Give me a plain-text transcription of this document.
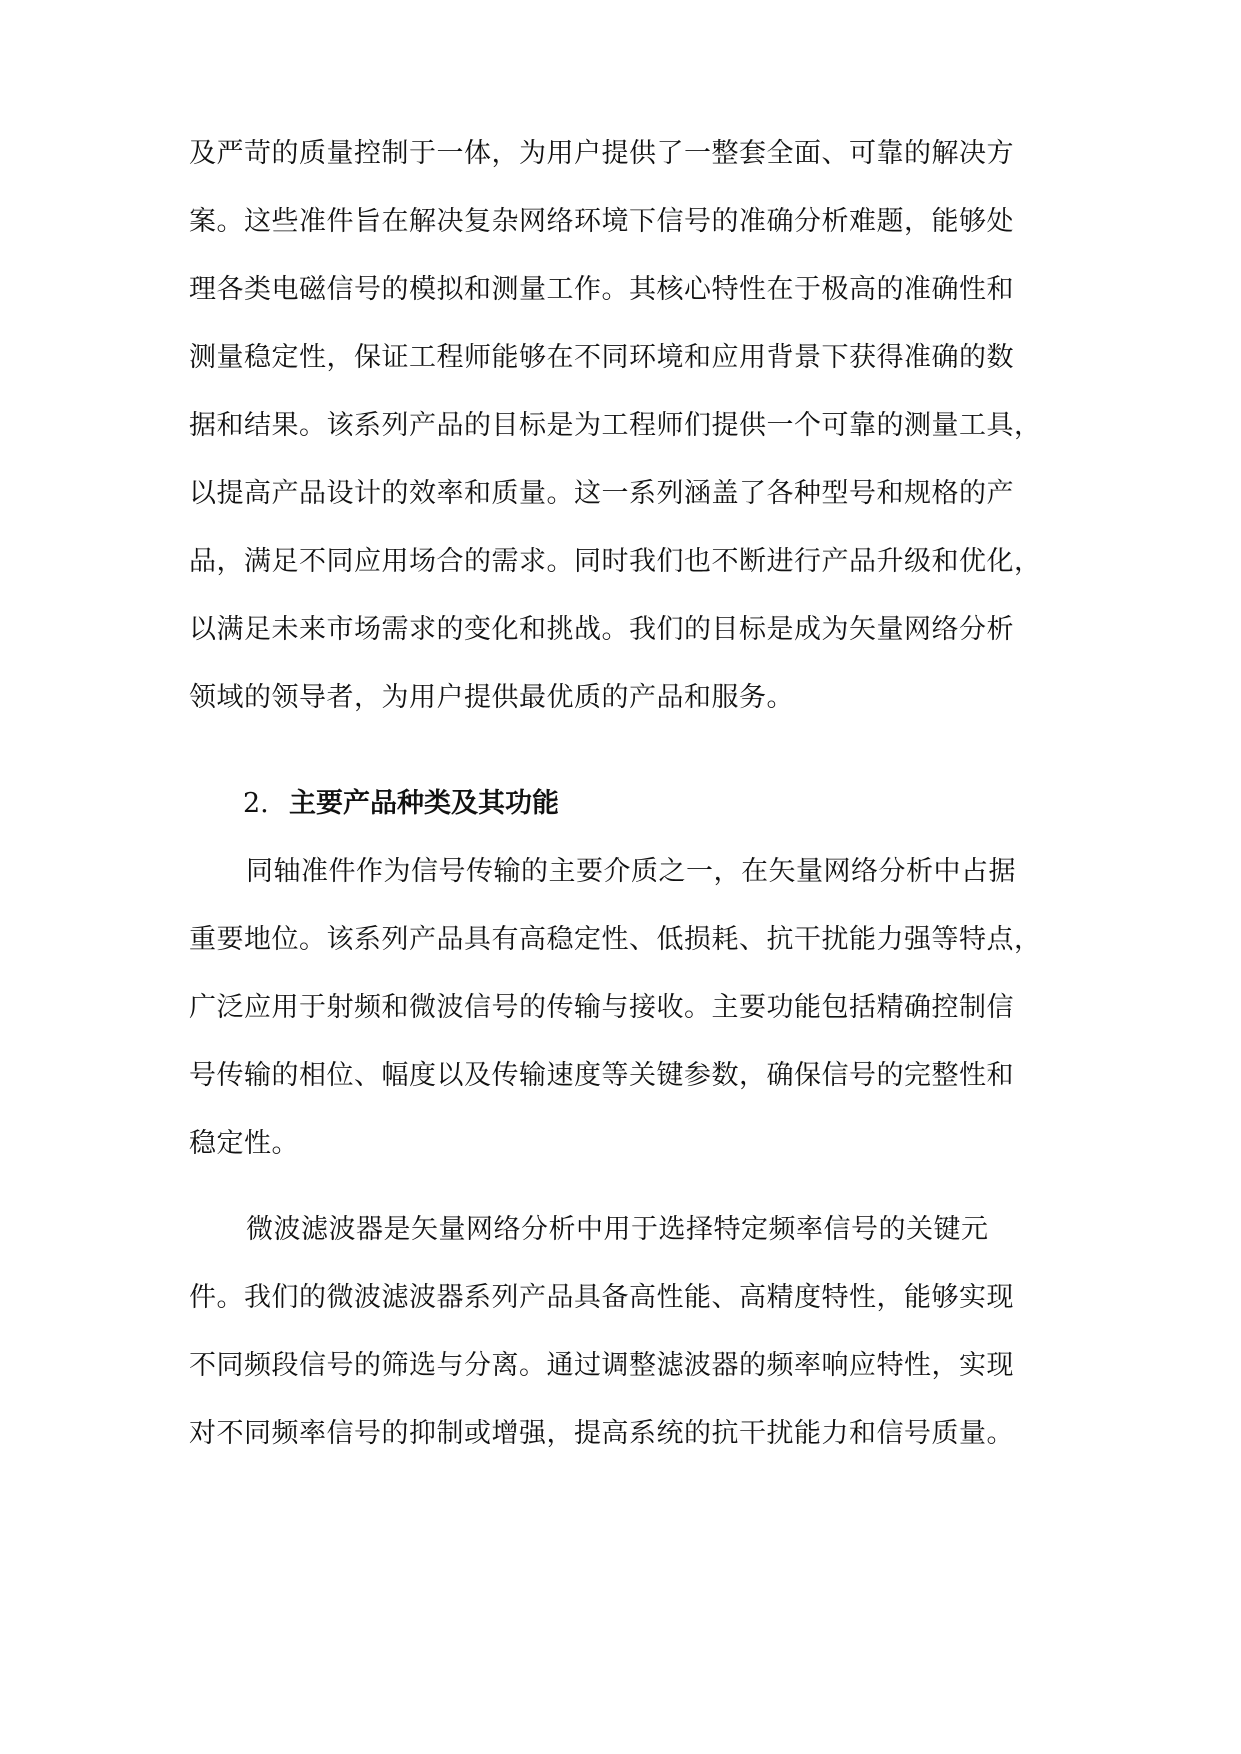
及严苛的质量控制于一体，为用户提供了一整套全面、可靠的解决方
案。这些准件旨在解决复杂网络环境下信号的准确分析难题，能够处
理各类电磁信号的模拟和测量工作。其核心特性在于极高的准确性和
测量稳定性，保证工程师能够在不同环境和应用背景下获得准确的数
据和结果。该系列产品的目标是为工程师们提供一个可靠的测量工具，
以提高产品设计的效率和质量。这一系列涵盖了各种型号和规格的产
品，满足不同应用场合的需求。同时我们也不断进行产品升级和优化，
以满足未来市场需求的变化和挑战。我们的目标是成为矢量网络分析
领域的领导者，为用户提供最优质的产品和服务。
2. 主要产品种类及其功能
同轴准件作为信号传输的主要介质之一，在矢量网络分析中占据
重要地位。该系列产品具有高稳定性、低损耗、抗干扰能力强等特点，
广泛应用于射频和微波信号的传输与接收。主要功能包括精确控制信
号传输的相位、幅度以及传输速度等关键参数，确保信号的完整性和
稳定性。
微波滤波器是矢量网络分析中用于选择特定频率信号的关键元
件。我们的微波滤波器系列产品具备高性能、高精度特性，能够实现
不同频段信号的筛选与分离。通过调整滤波器的频率响应特性，实现
对不同频率信号的抑制或增强，提高系统的抗干扰能力和信号质量。
